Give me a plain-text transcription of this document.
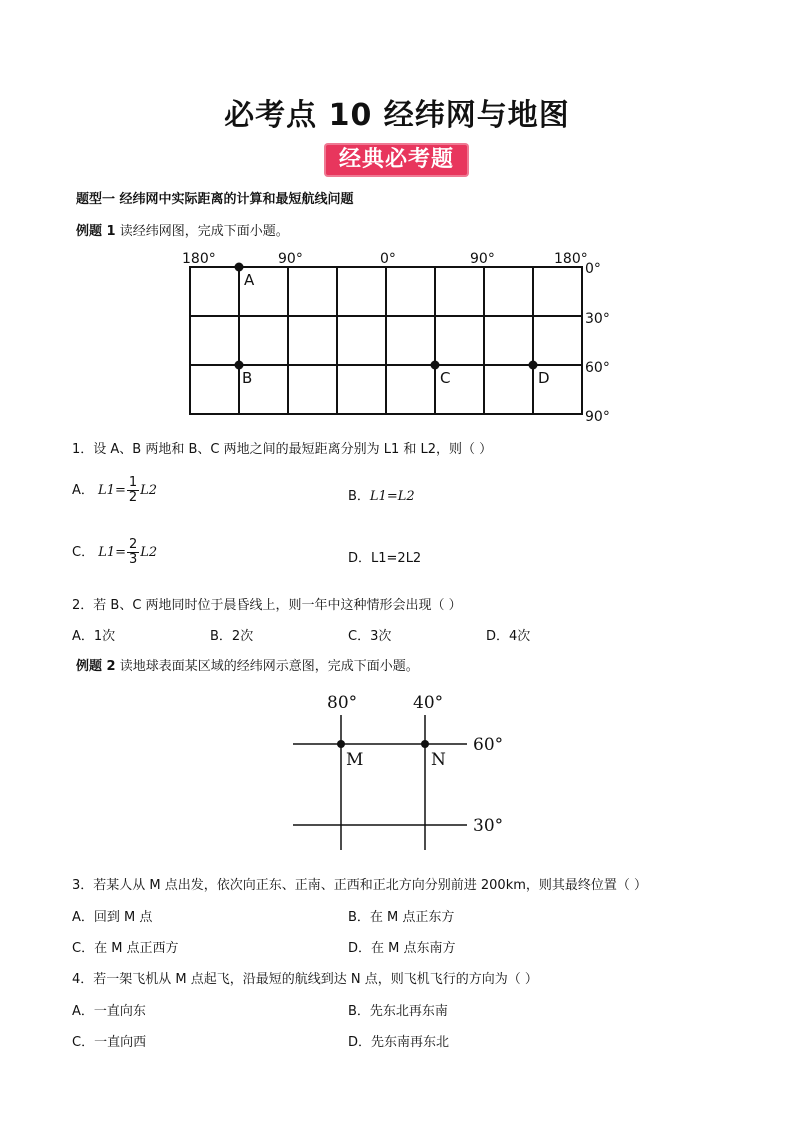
必考点 10 经纬网与地图
经典必考题
题型一 经纬网中实际距离的计算和最短航线问题
例题 1 读经纬网图，完成下面小题。
180°	90°	0°	90°	180°
0°
30°
60°
90°
A
B	C	D
1．设 A、B 两地和 B、C 两地之间的最短距离分别为 L1 和 L2，则（ ）
A． $L1= \frac{1}{2} L2$	B．L1=L2
C． $L1= \frac{2}{3} L2$	D．L1=2L2
2．若 B、C 两地同时位于晨昏线上，则一年中这种情形会出现（ ）
A．1次	B．2次	C．3次	D．4次
例题 2 读地球表面某区域的经纬网示意图，完成下面小题。
80°	40°
60°
30°
M	N
3．若某人从 M 点出发，依次向正东、正南、正西和正北方向分别前进 200km，则其最终位置（ ）
A．回到 M 点	B．在 M 点正东方
C．在 M 点正西方	D．在 M 点东南方
4．若一架飞机从 M 点起飞，沿最短的航线到达 N 点，则飞机飞行的方向为（ ）
A．一直向东	B．先东北再东南
C．一直向西	D．先东南再东北
